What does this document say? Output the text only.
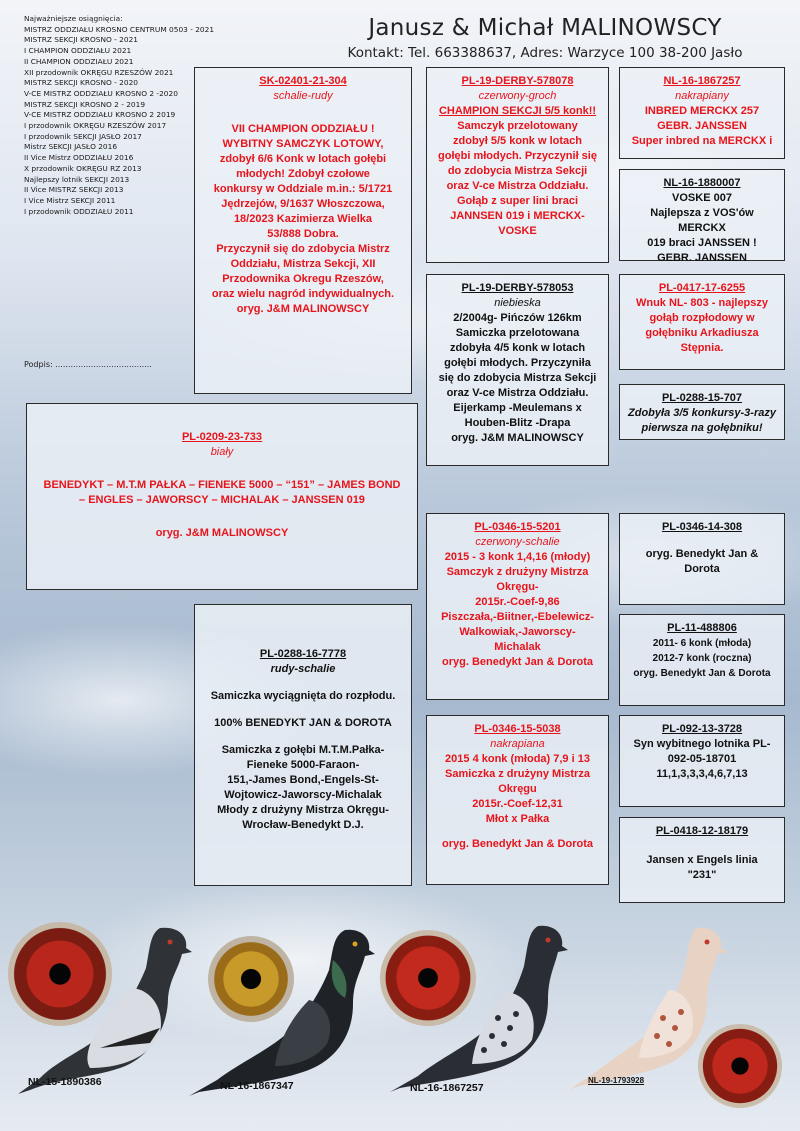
Najważniejsze osiągnięcia:
MISTRZ ODDZIAŁU KROSNO CENTRUM 0503 - 2021
MISTRZ SEKCJI KROSNO - 2021
I CHAMPION ODDZIAŁU 2021
II CHAMPION ODDZIAŁU 2021
XII przodownik OKRĘGU RZESZÓW 2021
MISTRZ SEKCJI KROSNO - 2020
V-CE MISTRZ ODDZIAŁU KROSNO 2 -2020
MISTRZ SEKCJI KROSNO 2 - 2019
V-CE MISTRZ ODDZIAŁU KROSNO 2 2019
I przodownik OKRĘGU RZESZÓW 2017
I przodownik SEKCJI JASŁO 2017
Mistrz SEKCJI JASŁO 2016
II Vice Mistrz ODDZIAŁU 2016
X przodownik OKRĘGU RZ 2013
Najlepszy lotnik SEKCJI 2013
II Vice MISTRZ SEKCJI 2013
I Vice Mistrz SEKCJI 2011
I przodownik ODDZIAŁU 2011
Podpis: ......................................
Janusz & Michał MALINOWSCY
Kontakt: Tel. 663388637, Adres: Warzyce 100 38-200 Jasło
SK-02401-21-304
schalie-rudy
VII CHAMPION ODDZIAŁU !
WYBITNY SAMCZYK LOTOWY,
zdobył 6/6 Konk w lotach gołębi
młodych! Zdobył czołowe
konkursy w Oddziale m.in.: 5/1721
Jędrzejów, 9/1637 Włoszczowa,
18/2023 Kazimierza Wielka
53/888 Dobra.
Przyczynił się do zdobycia Mistrz
Oddziału, Mistrza Sekcji, XII
Przodownika Okregu Rzeszów,
oraz wielu nagród indywidualnych.
oryg. J&M MALINOWSCY
PL-19-DERBY-578078
czerwony-groch
CHAMPION SEKCJI 5/5 konk!!
Samczyk przelotowany
zdobył 5/5 konk w lotach
gołębi młodych. Przyczynił się
do zdobycia Mistrza Sekcji
oraz V-ce Mistrza Oddziału.
Gołąb z super lini braci
JANNSEN 019 i MERCKX-
VOSKE
NL-16-1867257
nakrapiany
INBRED MERCKX 257
GEBR. JANSSEN
Super inbred na MERCKX i
NL-16-1880007
VOSKE 007
Najlepsza z VOS'ów MERCKX
019 braci JANSSEN !
GEBR. JANSSEN
PL-19-DERBY-578053
niebieska
2/2004g- Pińczów 126km
Samiczka przelotowana
zdobyła 4/5 konk w lotach
gołębi młodych. Przyczyniła
się do zdobycia Mistrza Sekcji
oraz V-ce Mistrza Oddziału.
Eijerkamp -Meulemans x
Houben-Blitz -Drapa
oryg. J&M MALINOWSCY
PL-0417-17-6255
Wnuk NL- 803 - najlepszy
gołąb rozpłodowy w
gołębniku Arkadiusza
Stępnia.
PL-0288-15-707
Zdobyła 3/5 konkursy-3-razy
pierwsza na gołębniku!
PL-0209-23-733
biały
BENEDYKT – M.T.M PAŁKA – FIENEKE 5000 – “151” – JAMES BOND
– ENGLES – JAWORSCY – MICHALAK – JANSSEN 019
oryg. J&M MALINOWSCY	PL-0346-15-5201
czerwony-schalie
2015 - 3 konk 1,4,16 (młody)
Samczyk z drużyny Mistrza
Okręgu-
2015r.-Coef-9,86
Piszczała,-Biitner,-Ebelewicz-
Walkowiak,-Jaworscy-
Michalak
oryg. Benedykt Jan & Dorota
PL-0346-14-308
oryg. Benedykt Jan &
Dorota
PL-11-488806
2011- 6 konk (młoda)
2012-7 konk (roczna)
oryg. Benedykt Jan & Dorota
PL-0288-16-7778
rudy-schalie
Samiczka wyciągnięta do rozpłodu.
100% BENEDYKT JAN & DOROTA
Samiczka z gołębi M.T.M.Pałka-
Fieneke 5000-Faraon-
151,-James Bond,-Engels-St-
Wojtowicz-Jaworscy-Michalak
Młody z drużyny Mistrza Okręgu-
Wrocław-Benedykt D.J.
PL-0346-15-5038
nakrapiana
2015 4 konk (młoda) 7,9 i 13
Samiczka z drużyny Mistrza
Okręgu
2015r.-Coef-12,31
Młot x Pałka
oryg. Benedykt Jan & Dorota
PL-092-13-3728
Syn wybitnego lotnika PL-
092-05-18701
11,1,3,3,3,4,6,7,13
PL-0418-12-18179
Jansen x Engels linia
"231"
NL-15-1890386	NL-16-1867347	NL-16-1867257
NL-19-1793928
